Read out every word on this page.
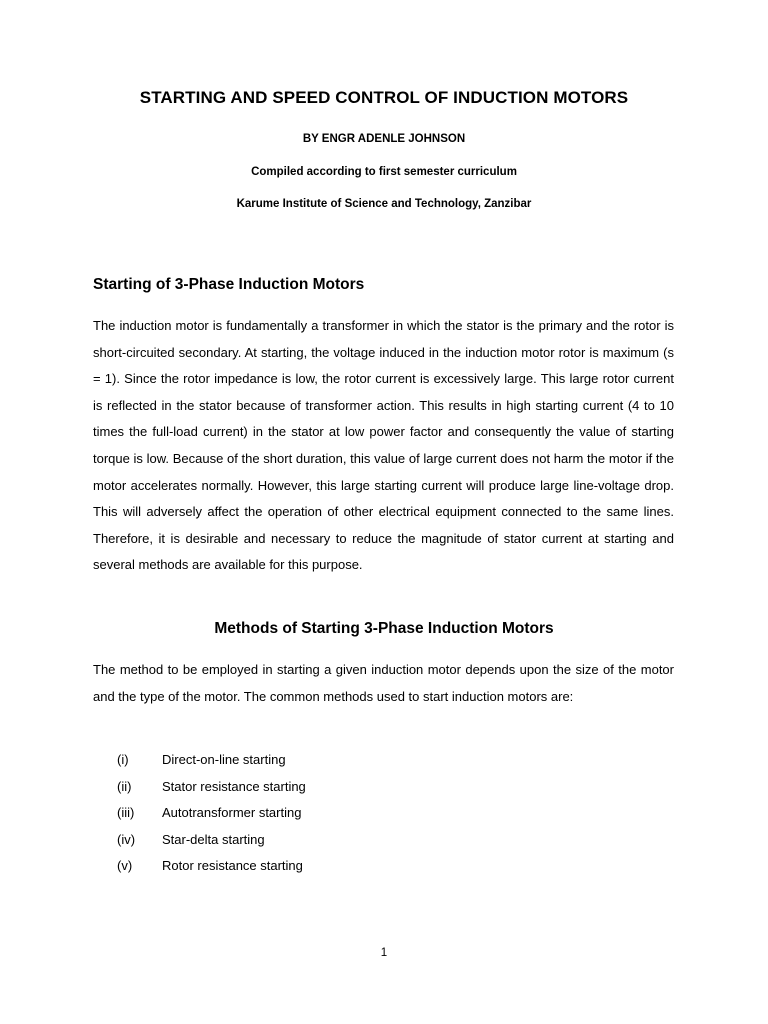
STARTING AND SPEED CONTROL OF INDUCTION MOTORS
BY ENGR ADENLE JOHNSON
Compiled according to first semester curriculum
Karume Institute of Science and Technology, Zanzibar
Starting of 3-Phase Induction Motors
The induction motor is fundamentally a transformer in which the stator is the primary and the rotor is short-circuited secondary. At starting, the voltage induced in the induction motor rotor is maximum (s = 1). Since the rotor impedance is low, the rotor current is excessively large. This large rotor current is reflected in the stator because of transformer action. This results in high starting current (4 to 10 times the full-load current) in the stator at low power factor and consequently the value of starting torque is low. Because of the short duration, this value of large current does not harm the motor if the motor accelerates normally. However, this large starting current will produce large line-voltage drop. This will adversely affect the operation of other electrical equipment connected to the same lines. Therefore, it is desirable and necessary to reduce the magnitude of stator current at starting and several methods are available for this purpose.
Methods of Starting 3-Phase Induction Motors
The method to be employed in starting a given induction motor depends upon the size of the motor and the type of the motor. The common methods used to start induction motors are:
(i)	Direct-on-line starting
(ii) Stator resistance starting
(iii) Autotransformer starting
(iv) Star-delta starting
(v) Rotor resistance starting
1
